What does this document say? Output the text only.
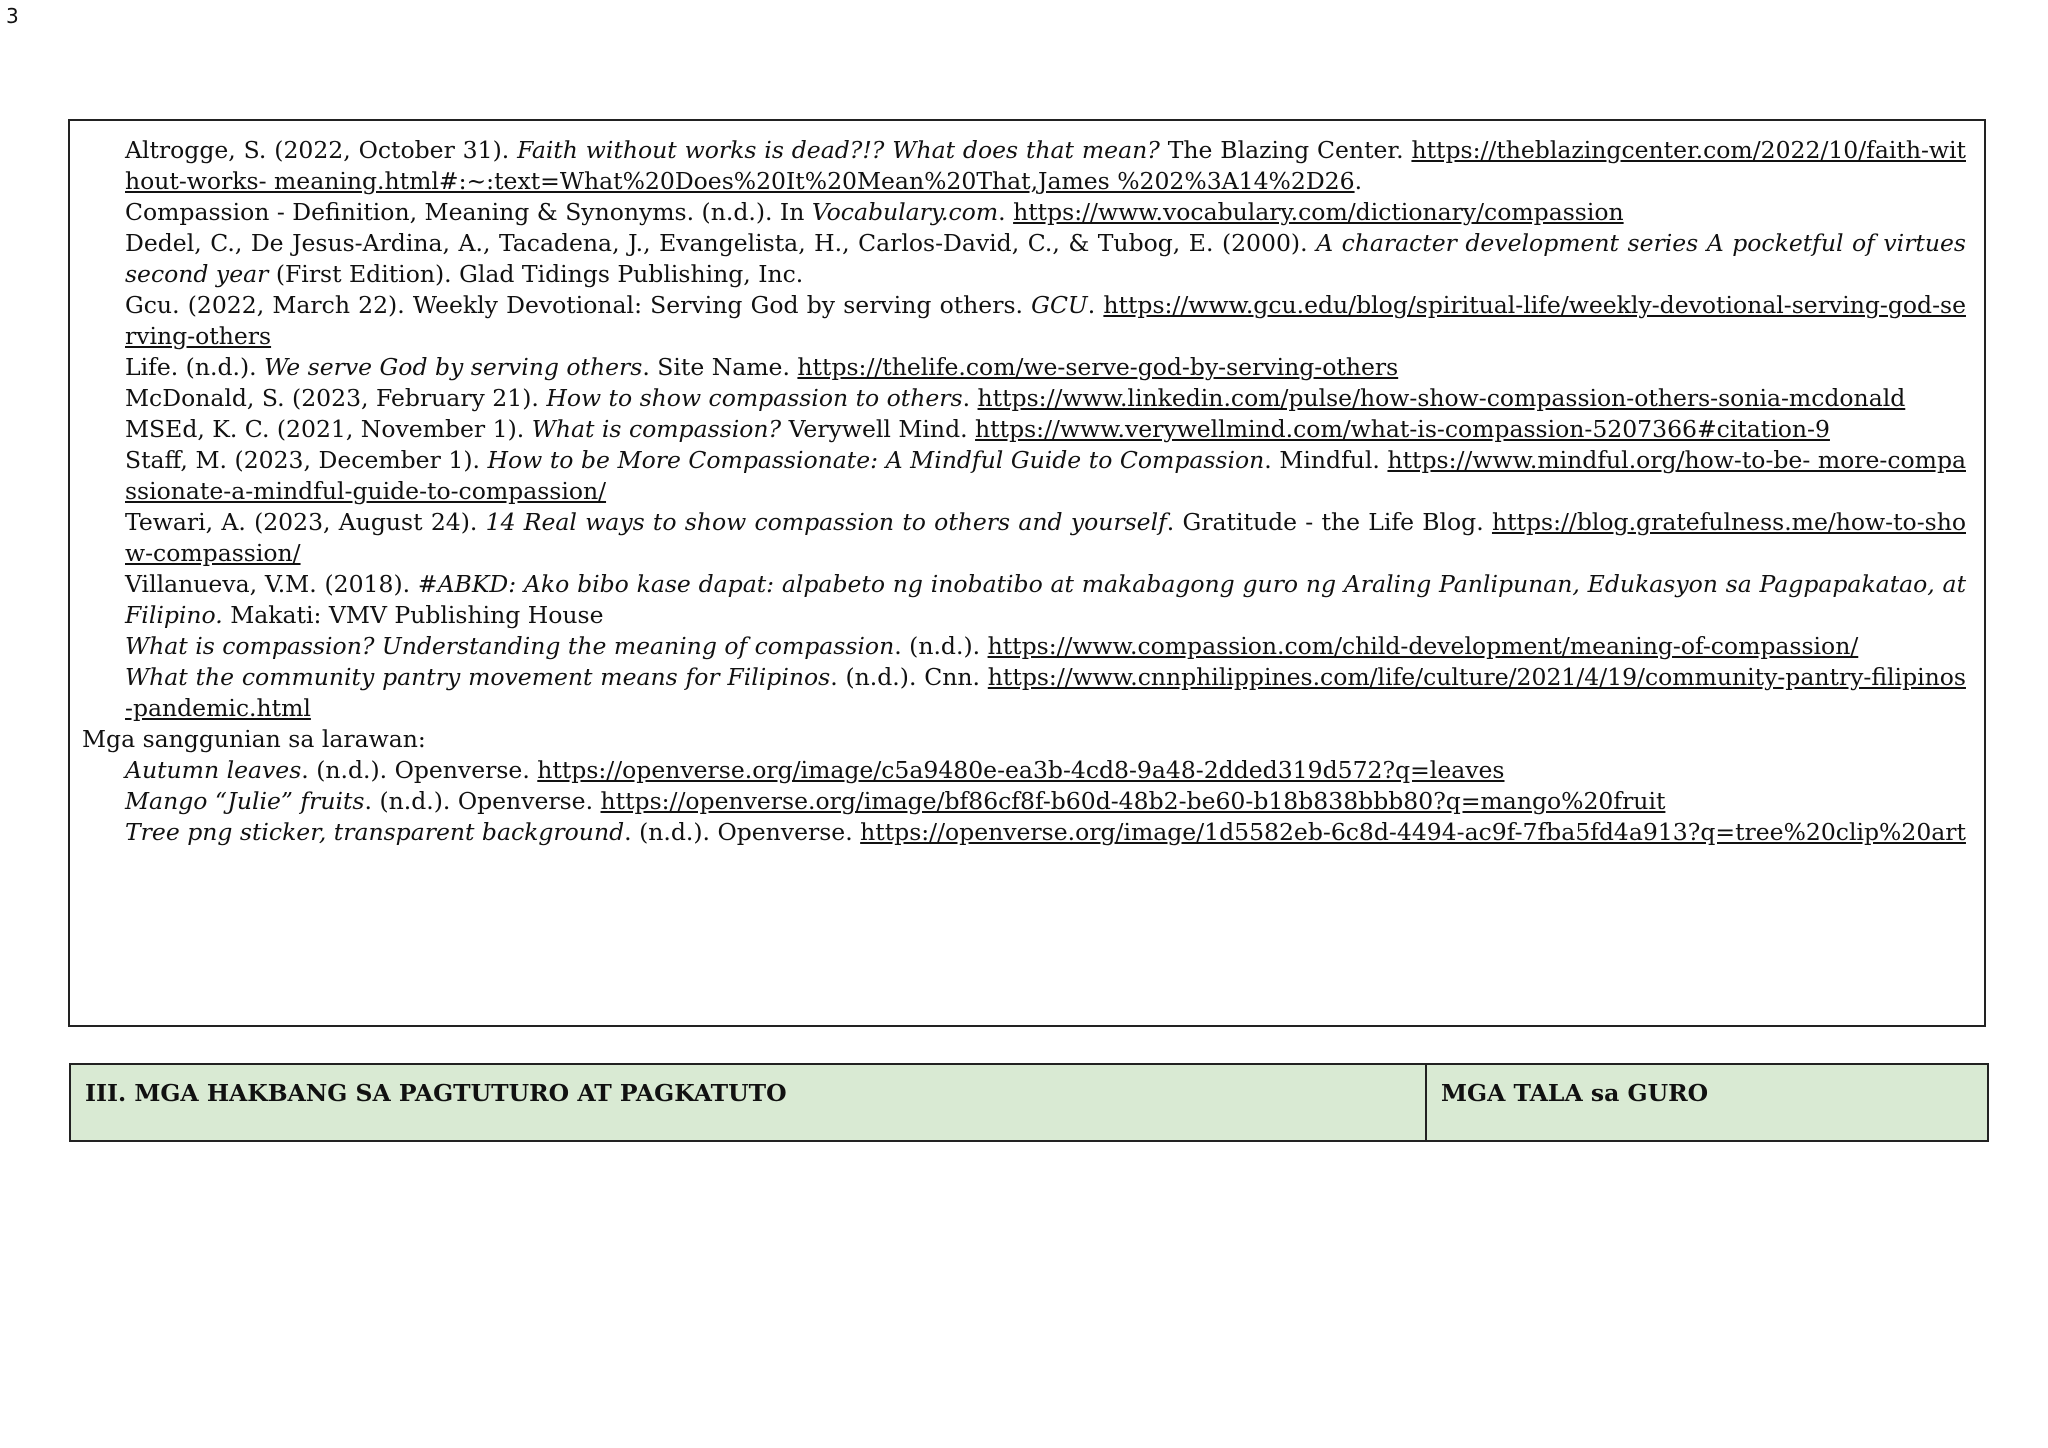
3
Altrogge, S. (2022, October 31). Faith without works is dead?!? What does that mean? The Blazing Center. https://theblazingcenter.com/2022/10/faith-without-works- meaning.html#:~:text=What%20Does%20It%20Mean%20That,James %202%3A14%2D26.
Compassion - Definition, Meaning & Synonyms. (n.d.). In Vocabulary.com. https://www.vocabulary.com/dictionary/compassion
Dedel, C., De Jesus-Ardina, A., Tacadena, J., Evangelista, H., Carlos-David, C., & Tubog, E. (2000). A character development series A pocketful of virtues second year (First Edition). Glad Tidings Publishing, Inc.
Gcu. (2022, March 22). Weekly Devotional: Serving God by serving others. GCU. https://www.gcu.edu/blog/spiritual-life/weekly-devotional-serving-god-serving-others
Life. (n.d.). We serve God by serving others. Site Name. https://thelife.com/we-serve-god-by-serving-others
McDonald, S. (2023, February 21). How to show compassion to others. https://www.linkedin.com/pulse/how-show-compassion-others-sonia-mcdonald
MSEd, K. C. (2021, November 1). What is compassion? Verywell Mind. https://www.verywellmind.com/what-is-compassion-5207366#citation-9
Staff, M. (2023, December 1). How to be More Compassionate: A Mindful Guide to Compassion. Mindful. https://www.mindful.org/how-to-be- more-compassionate-a-mindful-guide-to-compassion/
Tewari, A. (2023, August 24). 14 Real ways to show compassion to others and yourself. Gratitude - the Life Blog. https://blog.gratefulness.me/how-to-show-compassion/
Villanueva, V.M. (2018). #ABKD: Ako bibo kase dapat: alpabeto ng inobatibo at makabagong guro ng Araling Panlipunan, Edukasyon sa Pagpapakatao, at Filipino. Makati: VMV Publishing House
What is compassion? Understanding the meaning of compassion. (n.d.). https://www.compassion.com/child-development/meaning-of-compassion/
What the community pantry movement means for Filipinos. (n.d.). Cnn. https://www.cnnphilippines.com/life/culture/2021/4/19/community-pantry-filipinos-pandemic.html
Mga sanggunian sa larawan:
Autumn leaves. (n.d.). Openverse. https://openverse.org/image/c5a9480e-ea3b-4cd8-9a48-2dded319d572?q=leaves
Mango “Julie” fruits. (n.d.). Openverse. https://openverse.org/image/bf86cf8f-b60d-48b2-be60-b18b838bbb80?q=mango%20fruit
Tree png sticker, transparent background. (n.d.). Openverse. https://openverse.org/image/1d5582eb-6c8d-4494-ac9f-7fba5fd4a913?q=tree%20clip%20art
III. MGA HAKBANG SA PAGTUTURO AT PAGKATUTO	MGA TALA sa GURO
